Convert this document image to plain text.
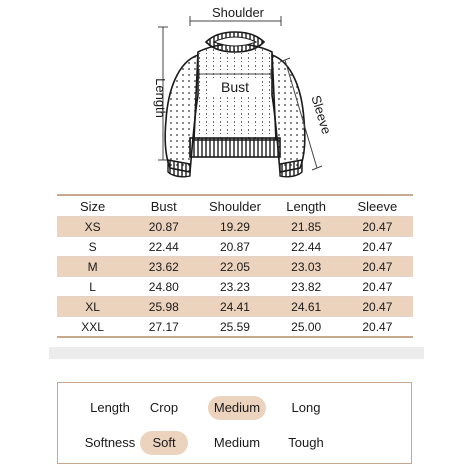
Shoulder
Length	Bust
Sleeve
Size	Bust	Shoulder	Length	Sleeve
XS	20.87	19.29	21.85	20.47
S	22.44	20.87	22.44	20.47
M	23.62	22.05	23.03	20.47
L	24.80	23.23	23.82	20.47
XL	25.98	24.41	24.61	20.47
XXL	27.17	25.59	25.00	20.47
Length	Crop	Medium	Long
Softness	Soft	Medium	Tough
